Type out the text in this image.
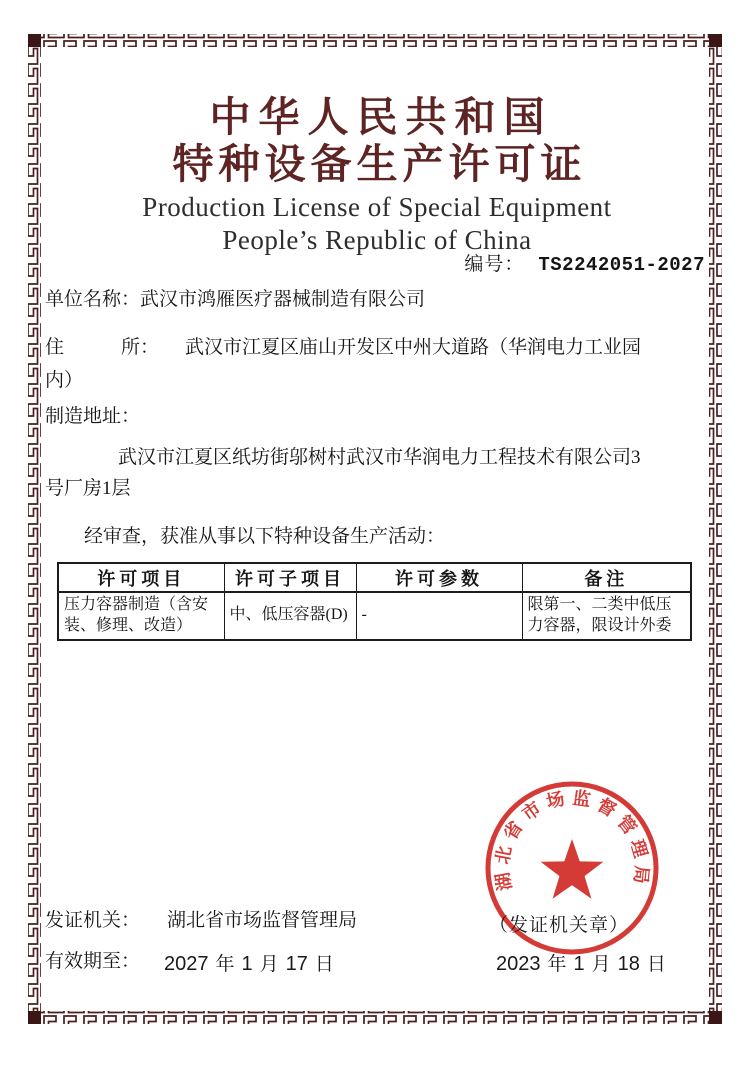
中华人民共和国
特种设备生产许可证
Production License of Special Equipment
People’s Republic of China
编号： TS2242051-2027
单位名称： 武汉市鸿雁医疗器械制造有限公司
住　　　所： 武汉市江夏区庙山开发区中州大道路（华润电力工业园
内）
制造地址：
武汉市江夏区纸坊街邬树村武汉市华润电力工程技术有限公司3
号厂房1层
经审查，获准从事以下特种设备生产活动：
许可项目	许可子项目	许可参数	备注
压力容器制造（含安装、修理、改造）	中、低压容器(D)	-	限第一、二类中低压力容器，限设计外委
发证机关： 湖北省市场监督管理局	（发证机关章）
有效期至： 2027 年 1 月 17 日	2023 年 1 月 18 日
湖北省市场监督管理局
